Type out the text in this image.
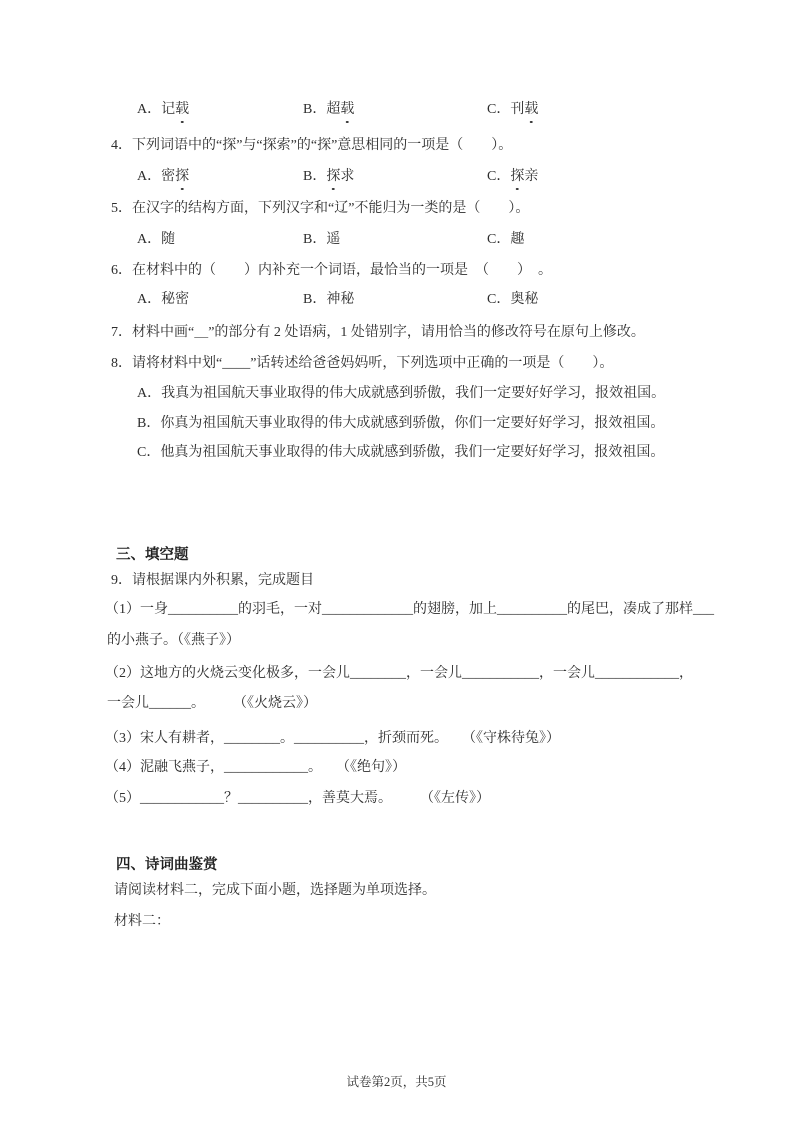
A．记载

	B．超载

	C．刊载

4．下列词语中的“探”与“探索”的“探”意思相同的一项是（　　）。

A．密探

	B．探求

	C．探亲

5．在汉字的结构方面，下列汉字和“辽”不能归为一类的是（　　）。

A．随

	B．遥

	C．趣

6．在材料中的（　　）内补充一个词语，最恰当的一项是　（　　）　。

A．秘密

	B．神秘

	C．奥秘

7．材料中画“＿”的部分有 2 处语病，1 处错别字，请用恰当的修改符号在原句上修改。
8．请将材料中划“____”话转述给爸爸妈妈听，下列选项中正确的一项是（　　）。
A．我真为祖国航天事业取得的伟大成就感到骄傲，我们一定要好好学习，报效祖国。
B．你真为祖国航天事业取得的伟大成就感到骄傲，你们一定要好好学习，报效祖国。
C．他真为祖国航天事业取得的伟大成就感到骄傲，我们一定要好好学习，报效祖国。
三、填空题
9．请根据课内外积累，完成题目
（1）一身__________的羽毛，一对_____________的翅膀，加上__________的尾巴，凑成了那样___
的小燕子。（《燕子》）
（2）这地方的火烧云变化极多，一会儿________，一会儿___________，一会儿____________，
一会儿______。　　　（《火烧云》）
（3）宋人有耕者，________。__________，折颈而死。　　（《守株待兔》）
（4）泥融飞燕子，____________。　　（《绝句》）
（5）____________？__________，善莫大焉。　　　（《左传》）
四、诗词曲鉴赏
请阅读材料二，完成下面小题，选择题为单项选择。
材料二：
试卷第2页，共5页
